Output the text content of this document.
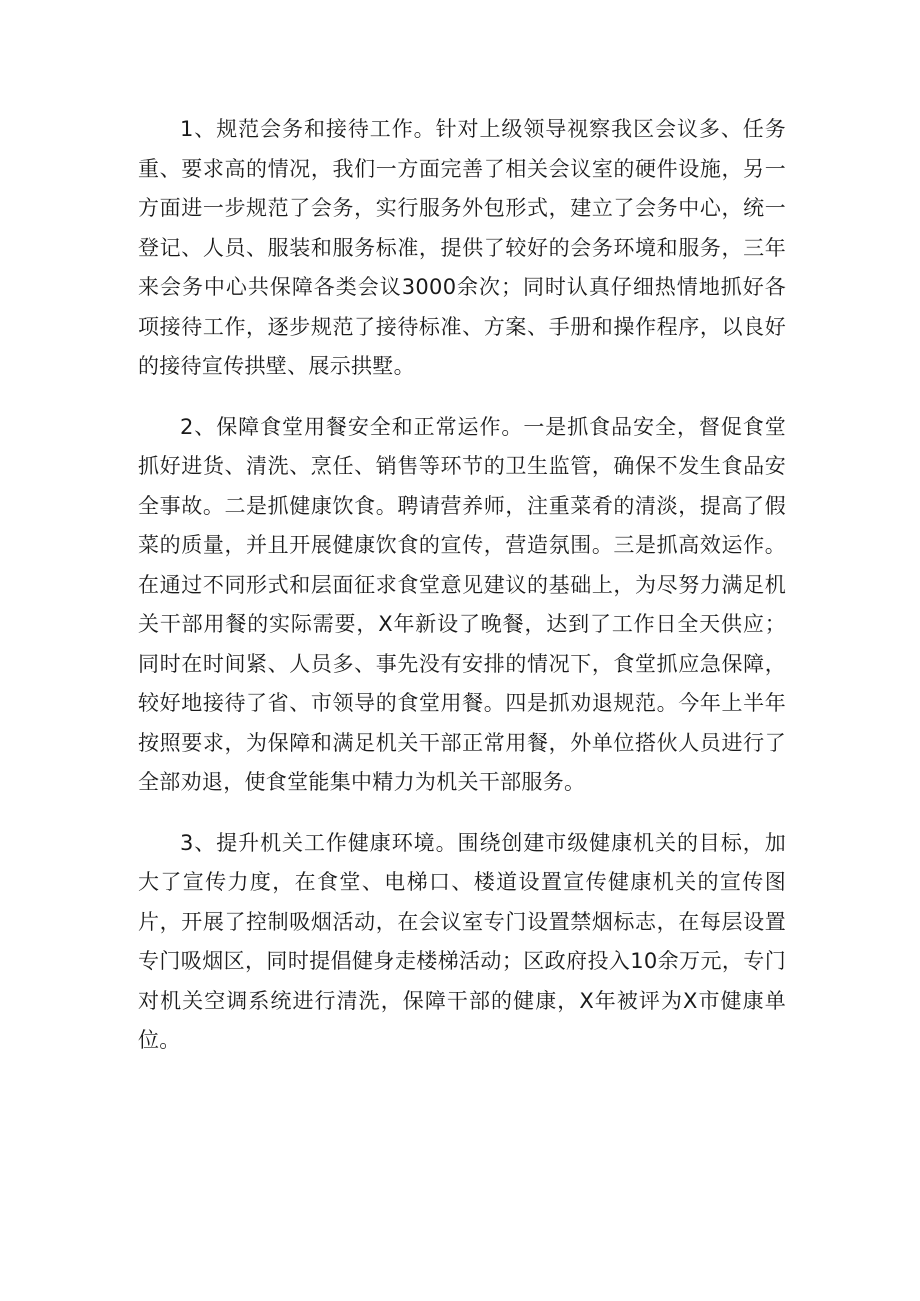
1、规范会务和接待工作。针对上级领导视察我区会议多、任务重、要求高的情况，我们一方面完善了相关会议室的硬件设施，另一方面进一步规范了会务，实行服务外包形式，建立了会务中心，统一登记、人员、服装和服务标准，提供了较好的会务环境和服务，三年来会务中心共保障各类会议3000余次；同时认真仔细热情地抓好各项接待工作，逐步规范了接待标准、方案、手册和操作程序，以良好的接待宣传拱壁、展示拱墅。

2、保障食堂用餐安全和正常运作。一是抓食品安全，督促食堂抓好进货、清洗、烹任、销售等环节的卫生监管，确保不发生食品安全事故。二是抓健康饮食。聘请营养师，注重菜肴的清淡，提高了假菜的质量，并且开展健康饮食的宣传，营造氛围。三是抓高效运作。在通过不同形式和层面征求食堂意见建议的基础上，为尽努力满足机关干部用餐的实际需要，X年新设了晚餐，达到了工作日全天供应；同时在时间紧、人员多、事先没有安排的情况下，食堂抓应急保障，较好地接待了省、市领导的食堂用餐。四是抓劝退规范。今年上半年按照要求，为保障和满足机关干部正常用餐，外单位搭伙人员进行了全部劝退，使食堂能集中精力为机关干部服务。

3、提升机关工作健康环境。围绕创建市级健康机关的目标，加大了宣传力度，在食堂、电梯口、楼道设置宣传健康机关的宣传图片，开展了控制吸烟活动，在会议室专门设置禁烟标志，在每层设置专门吸烟区，同时提倡健身走楼梯活动；区政府投入10余万元，专门对机关空调系统进行清洗，保障干部的健康，X年被评为X市健康单位。
